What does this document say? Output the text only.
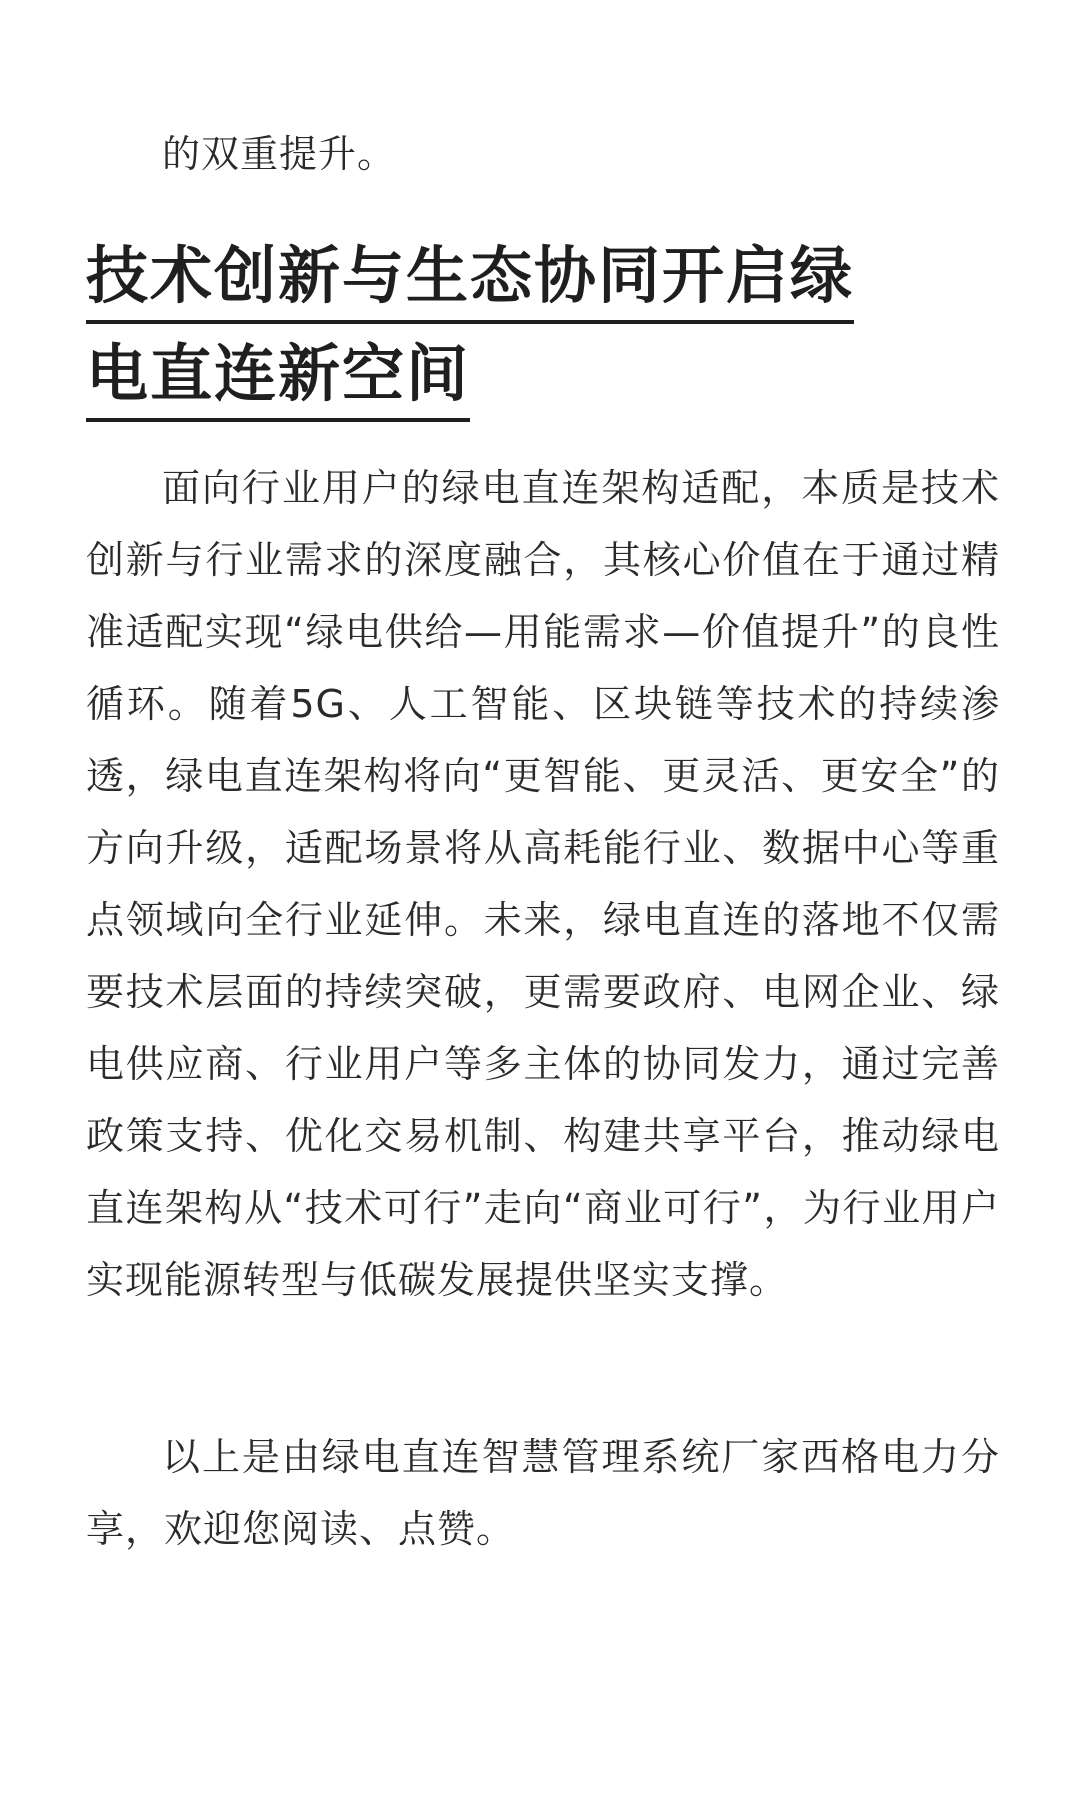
的双重提升。

技术创新与生态协同开启绿
电直连新空间

面向行业用户的绿电直连架构适配，本质是技术创新与行业需求的深度融合，其核心价值在于通过精准适配实现“绿电供给—用能需求—价值提升”的良性循环。随着5G、人工智能、区块链等技术的持续渗透，绿电直连架构将向“更智能、更灵活、更安全”的方向升级，适配场景将从高耗能行业、数据中心等重点领域向全行业延伸。未来，绿电直连的落地不仅需要技术层面的持续突破，更需要政府、电网企业、绿电供应商、行业用户等多主体的协同发力，通过完善政策支持、优化交易机制、构建共享平台，推动绿电直连架构从“技术可行”走向“商业可行”，为行业用户实现能源转型与低碳发展提供坚实支撑。

以上是由绿电直连智慧管理系统厂家西格电力分享，欢迎您阅读、点赞。
